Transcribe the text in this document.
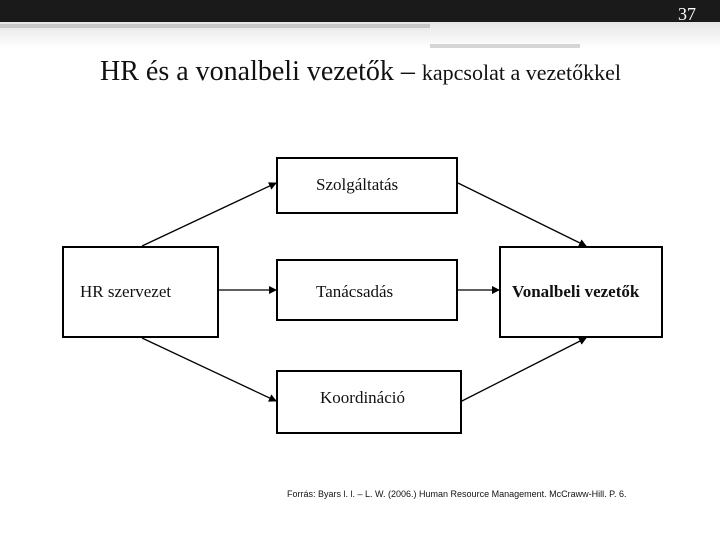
37
HR és a vonalbeli vezetők – kapcsolat a vezetőkkel
HR szervezet
Szolgáltatás
Tanácsadás
Koordináció
Vonalbeli vezetők
Forrás: Byars l. l. – L. W. (2006.) Human Resource Management. McCraww-Hill. P. 6.
